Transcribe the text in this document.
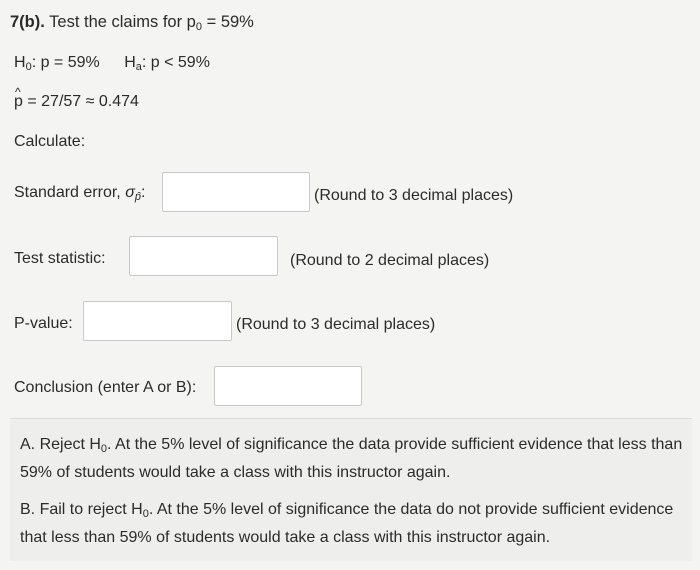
7(b). Test the claims for $p_0 = 59\%$
$H_0$: p = 59% $H_a$: p < 59%
^ p = 27/57 ≈ 0.474
Calculate:
Standard error, $\sigma_{p̂}$:	(Round to 3 decimal places)
Test statistic:	(Round to 2 decimal places)
P-value:	(Round to 3 decimal places)
Conclusion (enter A or B):
A. Reject $H_0$. At the 5% level of significance the data provide sufficient evidence that less than 59% of students would take a class with this instructor again.
B. Fail to reject $H_0$. At the 5% level of significance the data do not provide sufficient evidence that less than 59% of students would take a class with this instructor again.
